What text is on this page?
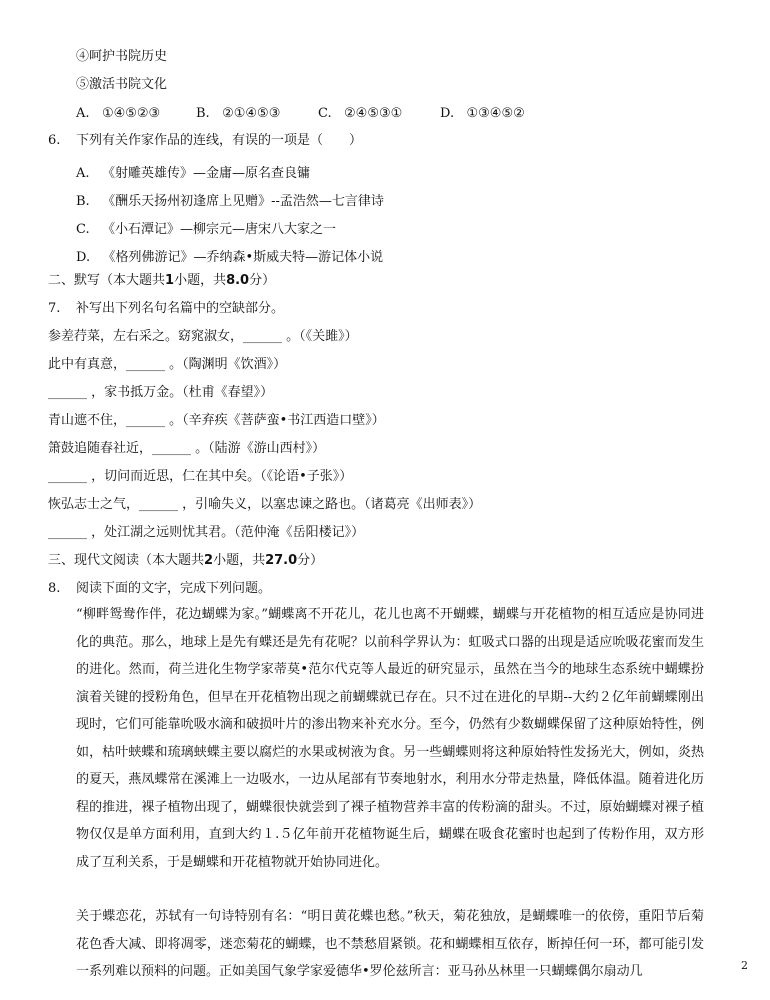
④呵护书院历史
⑤激活书院文化
A. ①④⑤②③	B. ②①④⑤③	C. ②④⑤③①	D. ①③④⑤②
6. 下列有关作家作品的连线，有误的一项是（　　）
A. 《射雕英雄传》—金庸—原名查良镛
B. 《酬乐天扬州初逢席上见赠》--孟浩然—七言律诗
C. 《小石潭记》—柳宗元—唐宋八大家之一
D. 《格列佛游记》—乔纳森•斯威夫特—游记体小说
二、默写（本大题共1小题，共8.0分）
7. 补写出下列名句名篇中的空缺部分。
参差荇菜，左右采之。窈窕淑女，______ 。（《关雎》）
此中有真意，______ 。（陶渊明《饮酒》）
______ ，家书抵万金。（杜甫《春望》）
青山遮不住，______ 。（辛弃疾《菩萨蛮•书江西造口壁》）
箫鼓追随春社近，______ 。（陆游《游山西村》）
______ ，切问而近思，仁在其中矣。（《论语•子张》）
恢弘志士之气，______ ，引喻失义，以塞忠谏之路也。（诸葛亮《出师表》）
______ ，处江湖之远则忧其君。（范仲淹《岳阳楼记》）
三、现代文阅读（本大题共2小题，共27.0分）
8. 阅读下面的文字，完成下列问题。
“柳畔鸳鸯作伴，花边蝴蝶为家。”蝴蝶离不开花儿，花儿也离不开蝴蝶，蝴蝶与开花植物的相互适应是协同进化的典范。那么，地球上是先有蝶还是先有花呢？以前科学界认为：虹吸式口器的出现是适应吮吸花蜜而发生的进化。然而，荷兰进化生物学家蒂莫•范尔代克等人最近的研究显示，虽然在当今的地球生态系统中蝴蝶扮演着关键的授粉角色，但早在开花植物出现之前蝴蝶就已存在。只不过在进化的早期--大约２亿年前蝴蝶刚出现时，它们可能靠吮吸水滴和破损叶片的渗出物来补充水分。至今，仍然有少数蝴蝶保留了这种原始特性，例如，枯叶蛱蝶和琉璃蛱蝶主要以腐烂的水果或树液为食。另一些蝴蝶则将这种原始特性发扬光大，例如，炎热的夏天，燕凤蝶常在溪滩上一边吸水，一边从尾部有节奏地射水，利用水分带走热量，降低体温。随着进化历程的推进，裸子植物出现了，蝴蝶很快就尝到了裸子植物营养丰富的传粉滴的甜头。不过，原始蝴蝶对裸子植物仅仅是单方面利用，直到大约１.５亿年前开花植物诞生后，蝴蝶在吸食花蜜时也起到了传粉作用，双方形成了互利关系，于是蝴蝶和开花植物就开始协同进化。
关于蝶恋花，苏轼有一句诗特别有名：“明日黄花蝶也愁。”秋天，菊花独放，是蝴蝶唯一的依傍，重阳节后菊花色香大减、即将凋零，迷恋菊花的蝴蝶，也不禁愁眉紧锁。花和蝴蝶相互依存，断掉任何一环，都可能引发一系列难以预料的问题。正如美国气象学家爱德华•罗伦兹所言：亚马孙丛林里一只蝴蝶偶尔扇动几	2
